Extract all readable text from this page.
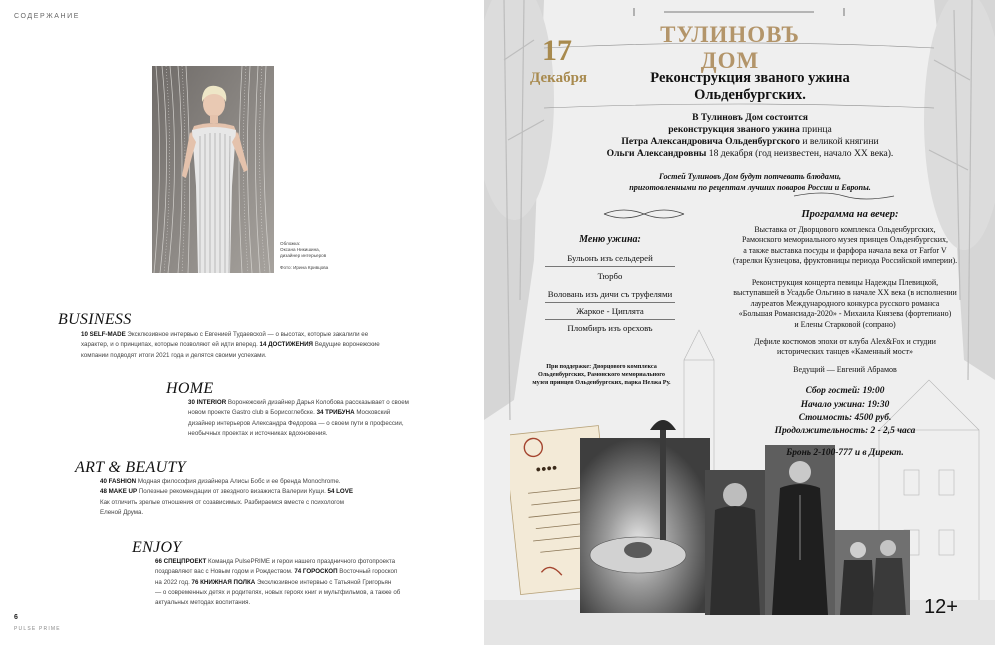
СОДЕРЖАНИЕ
Обложка:
Оксана Никишина,
дизайнер интерьеров
Фото: Ирина Кривцова
BUSINESS
10 SELF-MADE Эксклюзивное интервью с Евгенией Тудаевской — о высотах, которые закалили ее
характер, и о принципах, которые позволяют ей идти вперед. 14 ДОСТИЖЕНИЯ Ведущие воронежские
компании подводят итоги 2021 года и делятся своими успехами.
HOME
30 INTERIOR Воронежский дизайнер Дарья Колобова рассказывает о своем
новом проекте Gastro club в Борисоглебске. 34 ТРИБУНА Московский
дизайнер интерьеров Александра Федорова — о своем пути в профессии,
необычных проектах и источниках вдохновения.
ART & BEAUTY
40 FASHION Модная философия дизайнера Алисы Бобс и ее бренда Monochrome.
48 MAKE UP Полезные рекомендации от звездного визажиста Валерии Кущи. 54 LOVE
Как отличить зрелые отношения от созависимых. Разбираемся вместе с психологом
Еленой Друма.
ENJOY
66 СПЕЦПРОЕКТ Команда PulsePRIME и герои нашего праздничного фотопроекта
поздравляют вас с Новым годом и Рождеством. 74 ГОРОСКОП Восточный гороскоп
на 2022 год. 76 КНИЖНАЯ ПОЛКА Эксклюзивное интервью с Татьяной Григорьян
— о современных детях и родителях, новых героях книг и мультфильмов, а также об
актуальных методах воспитания.
6
PULSE PRIME
●●●●
17
Декабря
ТУЛИНОВЪ ДОМ
Реконструкция званого ужина
Ольденбургских.
В Тулиновъ Дом состоится
реконструкция званого ужина принца
Петра Александровича Ольденбургского и великой княгини
Ольги Александровны 18 декабря (год неизвестен, начало XX века).
Гостей Тулиновъ Дом будут потчевать блюдами,
приготовленными по рецептам лучших поваров России и Европы.
Меню ужина:
Бульонъ изъ сельдерей
Тюрбо
Воловань изъ дичи съ труфелями
Жаркое - Циплята
Пломбиръ изъ орєховъ
При поддержке: Дворцового комплекса
Ольденбургских, Рамонского мемориального
музея принцев Ольденбургских, парка Нелжа Ру.
Программа на вечер:
Выставка от Дворцового комплекса Ольденбургских,
Рамонского мемориального музея принцев Ольденбургских,
а также выставка посуды и фарфора начала века от Farfor V
(тарелки Кузнецова, фруктовницы периода Российской империи).
Реконструкция концерта певицы Надежды Плевицкой,
выступавшей в Усадьбе Ольгино в начале XX века (в исполнении
лауреатов Международного конкурса русского романса
«Большая Романсиада-2020» - Михаила Князева (фортепиано)
и Елены Старковой (сопрано)
Дефиле костюмов эпохи от клуба Alex&Fox и студии
исторических танцев «Каменный мост»
Ведущий — Евгений Абрамов
Сбор гостей: 19:00
Начало ужина: 19:30
Стоимость: 4500 руб.
Продолжительность: 2 - 2,5 часа
Бронь 2-100-777 и в Директ.
12+
